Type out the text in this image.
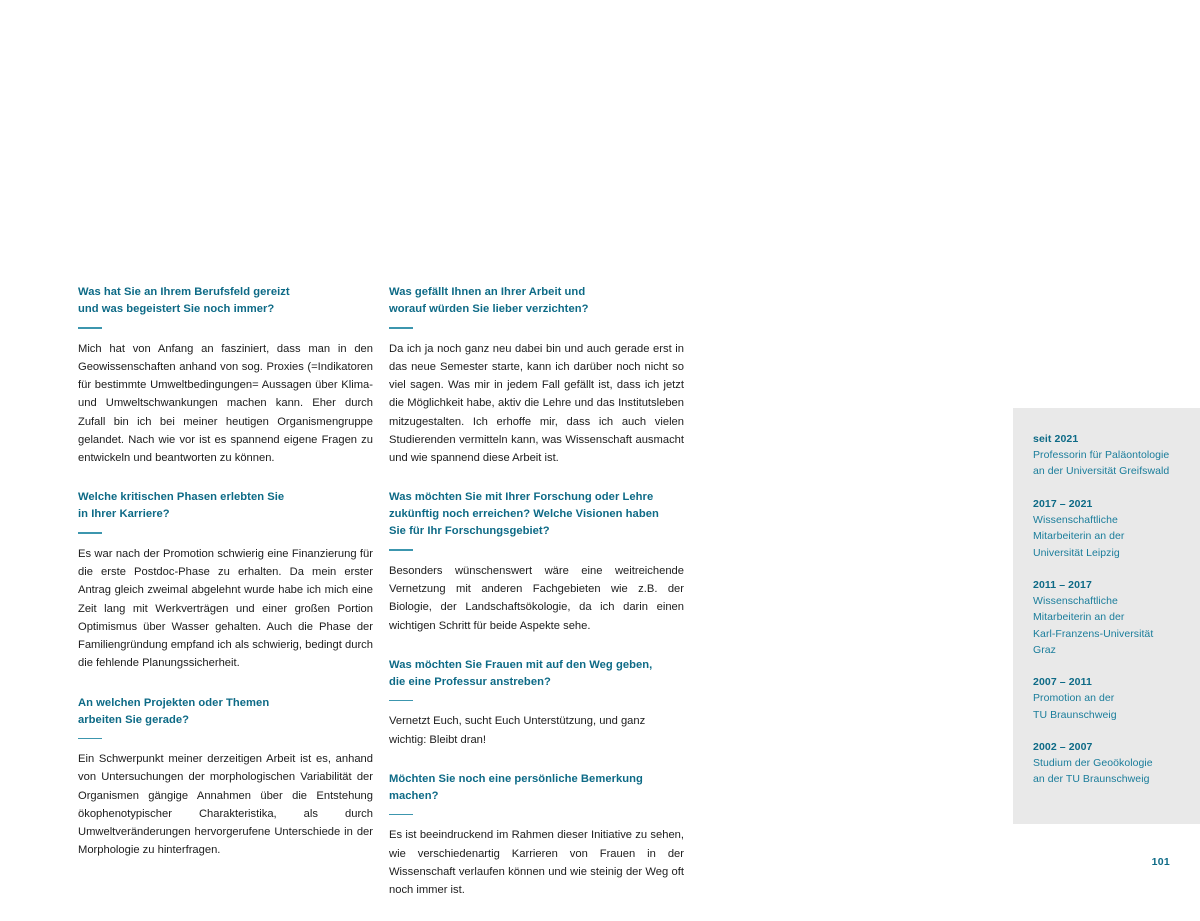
Was hat Sie an Ihrem Berufsfeld gereizt
und was begeistert Sie noch immer?

Mich hat von Anfang an fasziniert, dass man in den Geowissenschaften anhand von sog. Proxies (=Indikatoren für bestimmte Umweltbedingungen= Aussagen über Klima- und Umweltschwankungen machen kann. Eher durch Zufall bin ich bei meiner heutigen Organismengruppe gelandet. Nach wie vor ist es spannend eigene Fragen zu entwickeln und beantworten zu können.

Welche kritischen Phasen erlebten Sie
in Ihrer Karriere?

Es war nach der Promotion schwierig eine Finanzierung für die erste Postdoc-Phase zu erhalten. Da mein erster Antrag gleich zweimal abgelehnt wurde habe ich mich eine Zeit lang mit Werkverträgen und einer großen Portion Optimismus über Wasser gehalten. Auch die Phase der Familiengründung empfand ich als schwierig, bedingt durch die fehlende Planungssicherheit.

An welchen Projekten oder Themen
arbeiten Sie gerade?

Ein Schwerpunkt meiner derzeitigen Arbeit ist es, anhand von Untersuchungen der morphologischen Variabilität der Organismen gängige Annahmen über die Entstehung ökophenotypischer Charakteristika, als durch Umweltveränderungen hervorgerufene Unterschiede in der Morphologie zu hinterfragen.

Was gefällt Ihnen an Ihrer Arbeit und
worauf würden Sie lieber verzichten?

Da ich ja noch ganz neu dabei bin und auch gerade erst in das neue Semester starte, kann ich darüber noch nicht so viel sagen. Was mir in jedem Fall gefällt ist, dass ich jetzt die Möglichkeit habe, aktiv die Lehre und das Institutsleben mitzugestalten. Ich erhoffe mir, dass ich auch vielen Studierenden vermitteln kann, was Wissenschaft ausmacht und wie spannend diese Arbeit ist.

Was möchten Sie mit Ihrer Forschung oder Lehre
zukünftig noch erreichen? Welche Visionen haben
Sie für Ihr Forschungsgebiet?

Besonders wünschenswert wäre eine weitreichende Vernetzung mit anderen Fachgebieten wie z.B. der Biologie, der Landschaftsökologie, da ich darin einen wichtigen Schritt für beide Aspekte sehe.

Was möchten Sie Frauen mit auf den Weg geben,
die eine Professur anstreben?

Vernetzt Euch, sucht Euch Unterstützung, und ganz wichtig: Bleibt dran!

Möchten Sie noch eine persönliche Bemerkung machen?

Es ist beeindruckend im Rahmen dieser Initiative zu sehen, wie verschiedenartig Karrieren von Frauen in der Wissenschaft verlaufen können und wie steinig der Weg oft noch immer ist.

seit 2021
Professorin für Paläontologie
an der Universität Greifswald
2017 – 2021
Wissenschaftliche
Mitarbeiterin an der
Universität Leipzig
2011 – 2017
Wissenschaftliche
Mitarbeiterin an der
Karl-Franzens-Universität
Graz
2007 – 2011
Promotion an der
TU Braunschweig
2002 – 2007
Studium der Geoökologie
an der TU Braunschweig
101
